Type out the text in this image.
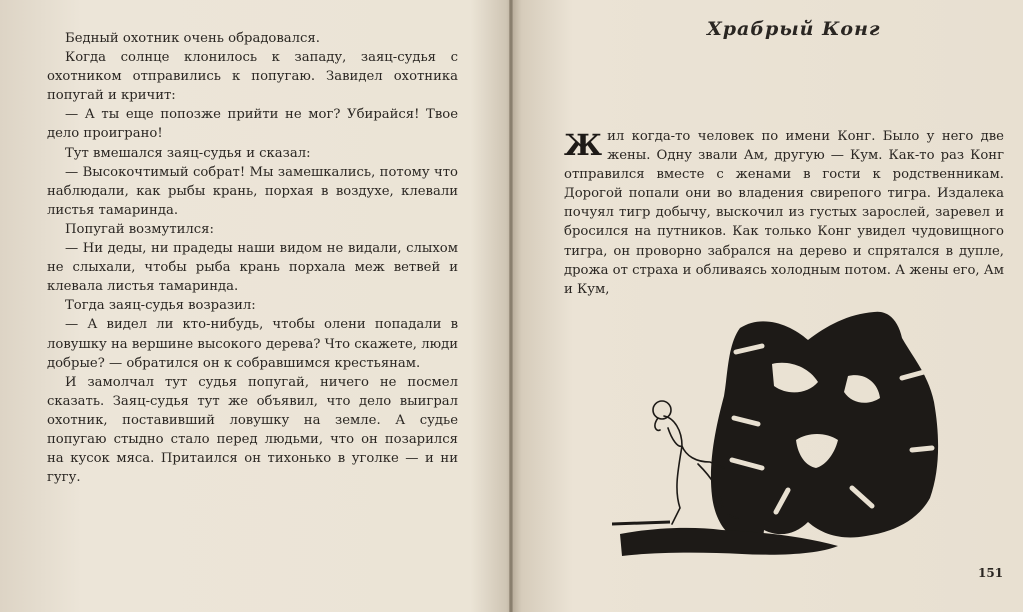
Бедный охотник очень обрадовался.

Когда солнце клонилось к западу, заяц-судья с охотником отправились к попугаю. Завидел охотника попугай и кричит:

— А ты еще попозже прийти не мог? Убирайся! Твое дело проиграно!

Тут вмешался заяц-судья и сказал:

— Высокочтимый собрат! Мы замешкались, потому что наблюдали, как рыбы крань, порхая в воздухе, клевали листья тамаринда.

Попугай возмутился:

— Ни деды, ни прадеды наши видом не видали, слыхом не слыхали, чтобы рыба крань порхала меж ветвей и клевала листья тамаринда.

Тогда заяц-судья возразил:

— А видел ли кто-нибудь, чтобы олени попадали в ловушку на вершине высокого дерева? Что скажете, люди добрые? — обратился он к собравшимся крестьянам.

И замолчал тут судья попугай, ничего не посмел сказать. Заяц-судья тут же объявил, что дело выиграл охотник, поставивший ловушку на земле. А судье попугаю стыдно стало перед людьми, что он позарился на кусок мяса. Притаился он тихонько в уголке — и ни гугу.

Храбрый Конг

Жил когда-то человек по имени Конг. Было у него две жены. Одну звали Ам, другую — Кум. Как-то раз Конг отправился вместе с женами в гости к родственникам. Дорогой попали они во владения свирепого тигра. Издалека почуял тигр добычу, выскочил из густых зарослей, заревел и бросился на путников. Как только Конг увидел чудовищного тигра, он проворно забрался на дерево и спрятался в дупле, дрожа от страха и обливаясь холодным потом. А жены его, Ам и Кум,

151
